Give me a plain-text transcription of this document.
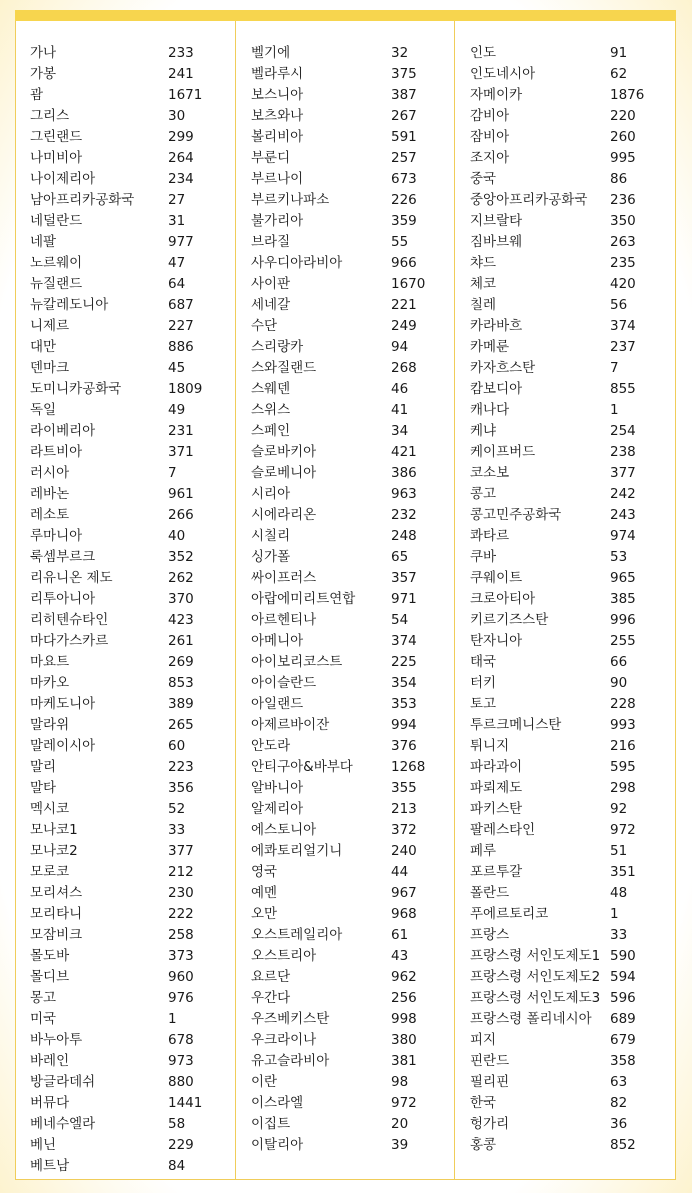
가나	233
가봉	241
괌	1671
그리스	30
그린랜드	299
나미비아	264
나이제리아	234
남아프리카공화국 27
네덜란드	31
네팔	977
노르웨이	47
뉴질랜드	64
뉴칼레도니아	687
니제르	227
대만	886
덴마크	45
도미니카공화국	1809
독일	49
라이베리아	231
라트비아	371
러시아	7
레바논	961
레소토	266
루마니아	40
룩셈부르크	352
리유니온 제도	262
리투아니아	370
리히텐슈타인	423
마다가스카르	261
마요트	269
마카오	853
마케도니아	389
말라위	265
말레이시아	60
말리	223
말타	356
멕시코	52
모나코1	33
모나코2	377
모로코	212
모리셔스	230
모리타니	222
모잠비크	258
몰도바	373
몰디브	960
몽고	976
미국	1
바누아투	678
바레인	973
방글라데쉬	880
버뮤다	1441
베네수엘라	58
베닌	229
베트남	84
벨기에	32
벨라루시	375
보스니아	387
보츠와나	267
볼리비아	591
부룬디	257
부르나이	673
부르키나파소	226
불가리아	359
브라질	55
사우디아라비아	966
사이판	1670
세네갈	221
수단	249
스리랑카	94
스와질랜드	268
스웨덴	46
스위스	41
스페인	34
슬로바키아	421
슬로베니아	386
시리아	963
시에라리온	232
시칠리	248
싱가폴	65
싸이프러스	357
아랍에미리트연합	971
아르헨티나	54
아메니아	374
아이보리코스트	225
아이슬란드	354
아일랜드	353
아제르바이잔	994
안도라	376
안티구아&바부다	1268
알바니아	355
알제리아	213
에스토니아	372
에콰토리얼기니	240
영국	44
예멘	967
오만	968
오스트레일리아	61
오스트리아	43
요르단	962
우간다	256
우즈베키스탄	998
우크라이나	380
유고슬라비아	381
이란	98
이스라엘	972
이집트	20
이탈리아	39
인도	91
인도네시아	62
자메이카	1876
감비아	220
잠비아	260
조지아	995
중국	86
중앙아프리카공화국 236
지브랄타	350
짐바브웨	263
챠드	235
체코	420
칠레	56
카라바흐	374
카메룬	237
카자흐스탄	7
캄보디아	855
캐나다	1
케냐	254
케이프버드	238
코소보	377
콩고	242
콩고민주공화국	243
콰타르	974
쿠바	53
쿠웨이트	965
크로아티아	385
키르기즈스탄	996
탄자니아	255
태국	66
터키	90
토고	228
투르크메니스탄	993
튀니지	216
파라과이	595
파뢰제도	298
파키스탄	92
팔레스타인	972
페루	51
포르투갈	351
폴란드	48
푸에르토리코	1
프랑스	33
프랑스령 서인도제도1 590
프랑스령 서인도제도2 594
프랑스령 서인도제도3 596
프랑스령 폴리네시아 689
피지	679
핀란드	358
필리핀	63
한국	82
헝가리	36
홍콩	852
